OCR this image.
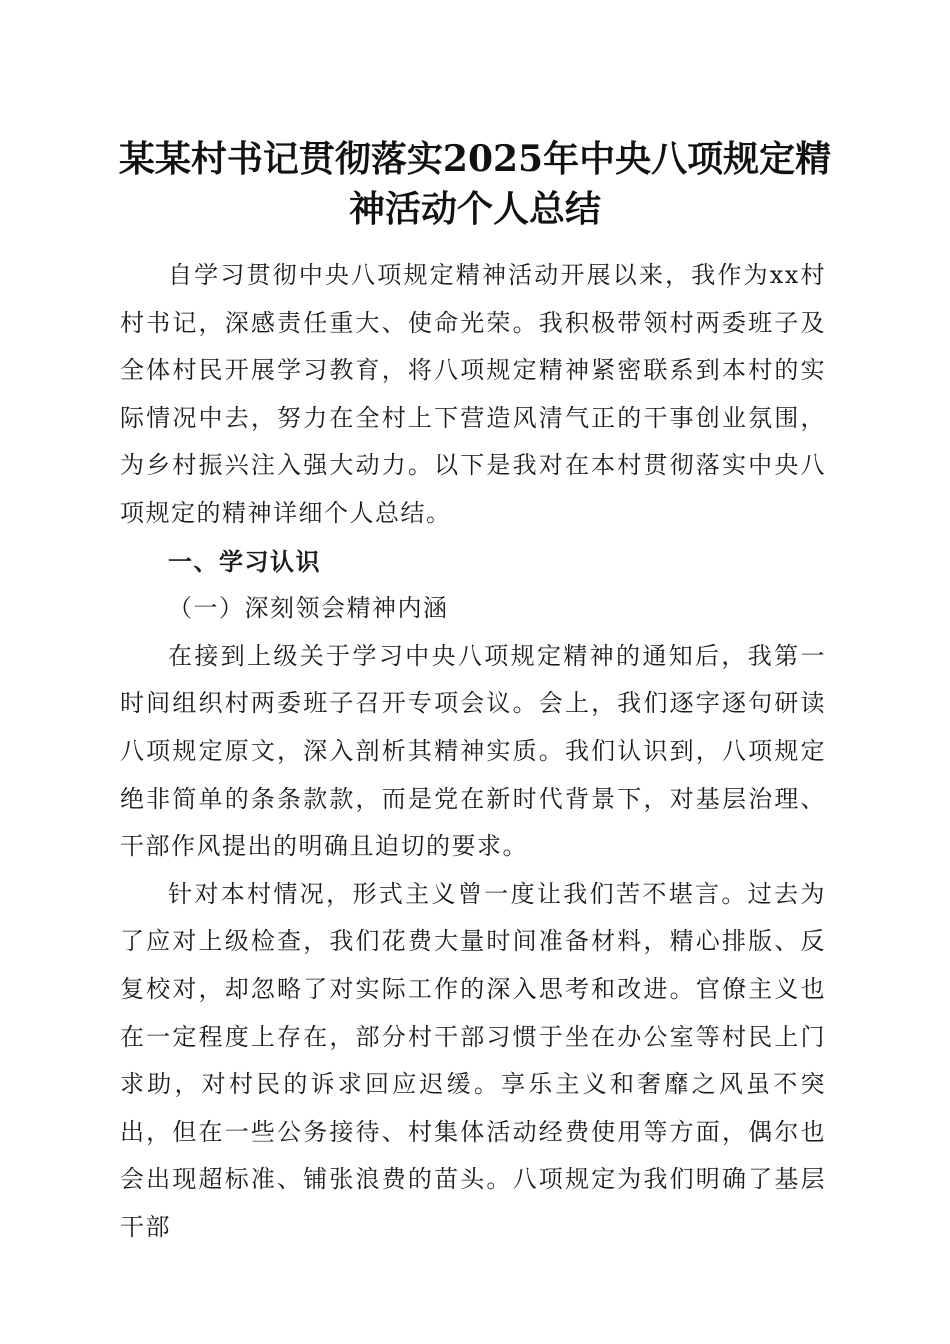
某某村书记贯彻落实2025年中央八项规定精神活动个人总结

自学习贯彻中央八项规定精神活动开展以来，我作为xx村村书记，深感责任重大、使命光荣。我积极带领村两委班子及全体村民开展学习教育，将八项规定精神紧密联系到本村的实际情况中去，努力在全村上下营造风清气正的干事创业氛围，为乡村振兴注入强大动力。以下是我对在本村贯彻落实中央八项规定的精神详细个人总结。

一、学习认识
（一）深刻领会精神内涵

在接到上级关于学习中央八项规定精神的通知后，我第一时间组织村两委班子召开专项会议。会上，我们逐字逐句研读八项规定原文，深入剖析其精神实质。我们认识到，八项规定绝非简单的条条款款，而是党在新时代背景下，对基层治理、干部作风提出的明确且迫切的要求。

针对本村情况，形式主义曾一度让我们苦不堪言。过去为了应对上级检查，我们花费大量时间准备材料，精心排版、反复校对，却忽略了对实际工作的深入思考和改进。官僚主义也在一定程度上存在，部分村干部习惯于坐在办公室等村民上门求助，对村民的诉求回应迟缓。享乐主义和奢靡之风虽不突出，但在一些公务接待、村集体活动经费使用等方面，偶尔也会出现超标准、铺张浪费的苗头。八项规定为我们明确了基层干部
